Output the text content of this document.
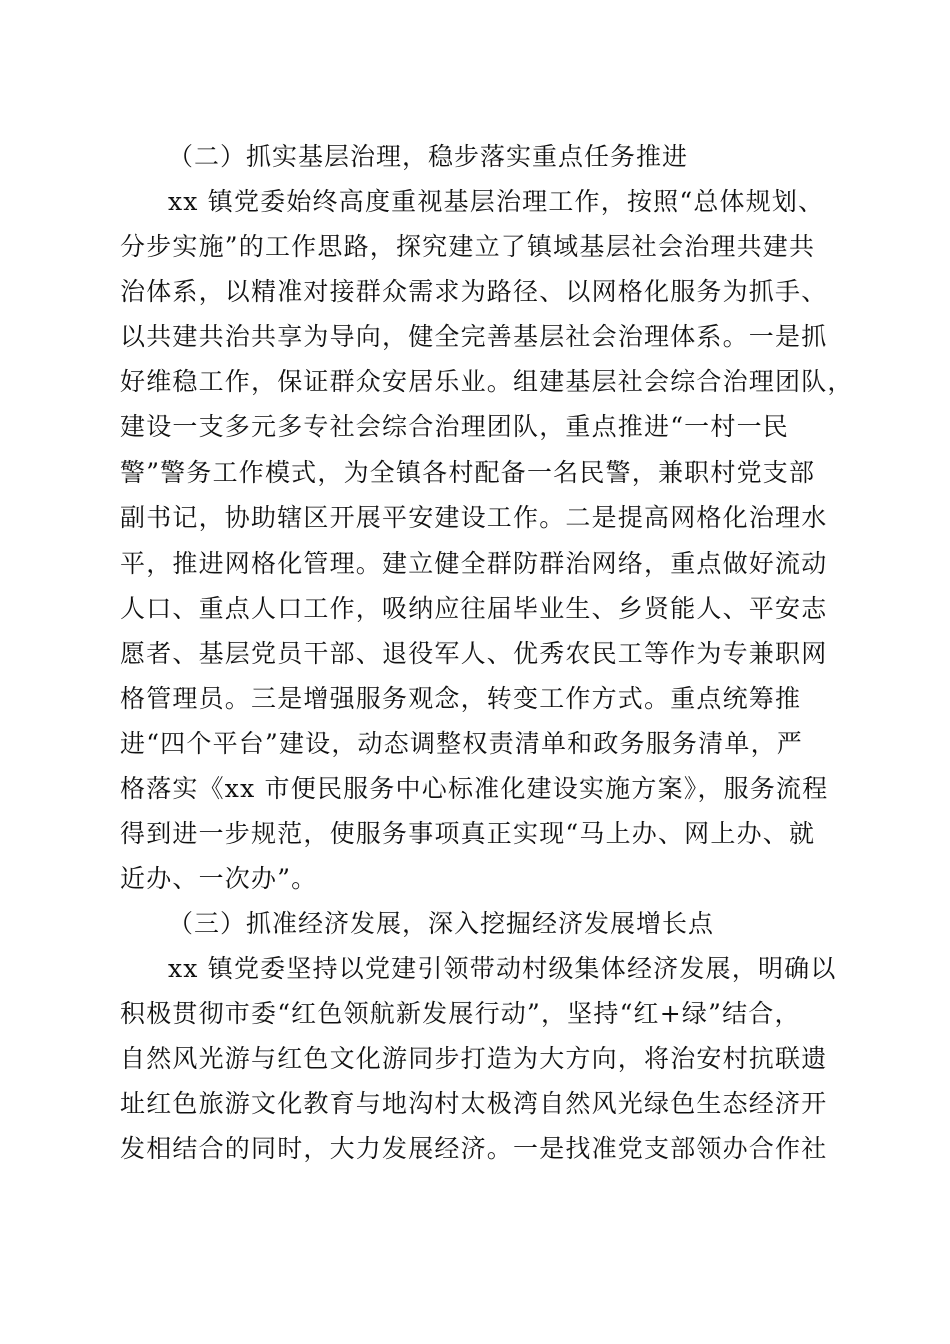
（二）抓实基层治理，稳步落实重点任务推进
xx 镇党委始终高度重视基层治理工作，按照“总体规划、
分步实施”的工作思路，探究建立了镇域基层社会治理共建共
治体系，以精准对接群众需求为路径、以网格化服务为抓手、
以共建共治共享为导向，健全完善基层社会治理体系。一是抓
好维稳工作，保证群众安居乐业。组建基层社会综合治理团队，
建设一支多元多专社会综合治理团队，重点推进“一村一民
警”警务工作模式，为全镇各村配备一名民警，兼职村党支部
副书记，协助辖区开展平安建设工作。二是提高网格化治理水
平，推进网格化管理。建立健全群防群治网络，重点做好流动
人口、重点人口工作，吸纳应往届毕业生、乡贤能人、平安志
愿者、基层党员干部、退役军人、优秀农民工等作为专兼职网
格管理员。三是增强服务观念，转变工作方式。重点统筹推
进“四个平台”建设，动态调整权责清单和政务服务清单，严
格落实《xx 市便民服务中心标准化建设实施方案》，服务流程
得到进一步规范，使服务事项真正实现“马上办、网上办、就
近办、一次办”。
（三）抓准经济发展，深入挖掘经济发展增长点
xx 镇党委坚持以党建引领带动村级集体经济发展，明确以
积极贯彻市委“红色领航新发展行动”，坚持“红+绿”结合，
自然风光游与红色文化游同步打造为大方向，将治安村抗联遗
址红色旅游文化教育与地沟村太极湾自然风光绿色生态经济开
发相结合的同时，大力发展经济。一是找准党支部领办合作社
